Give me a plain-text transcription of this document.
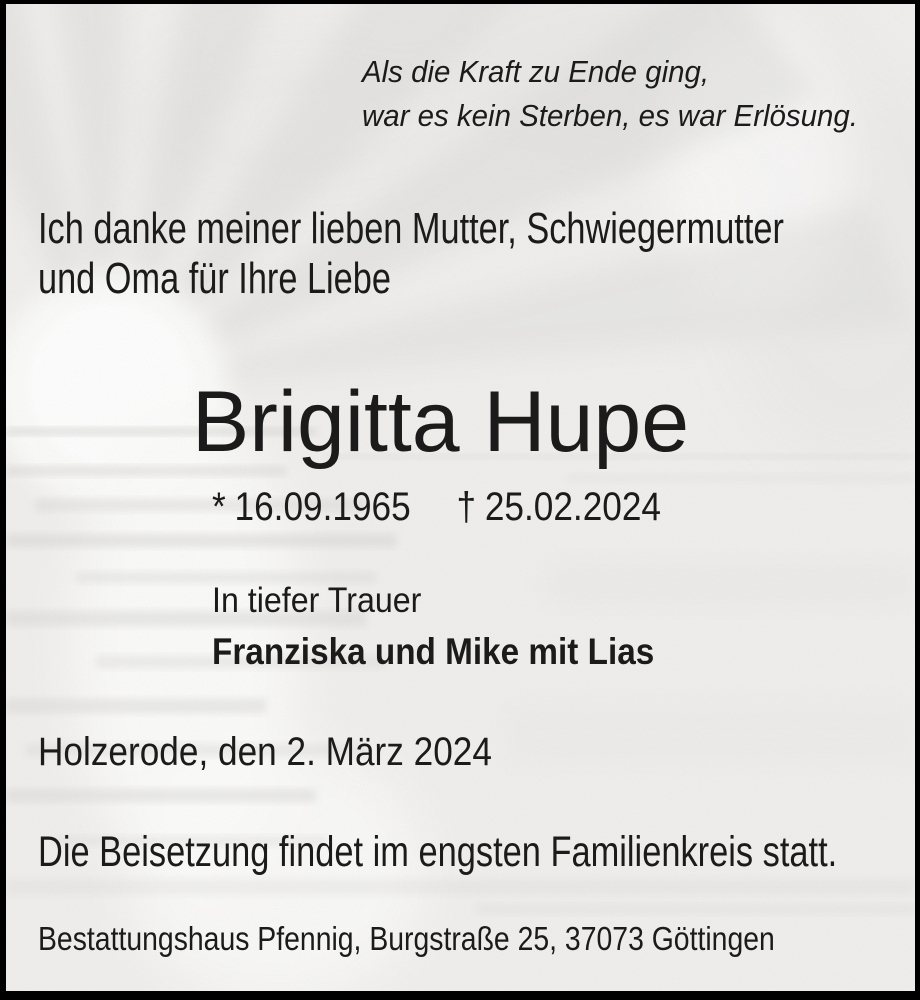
Als die Kraft zu Ende ging,
war es kein Sterben, es war Erlösung.
Ich danke meiner lieben Mutter, Schwiegermutter
und Oma für Ihre Liebe
Brigitta Hupe
* 16.09.1965 † 25.02.2024
In tiefer Trauer
Franziska und Mike mit Lias
Holzerode, den 2. März 2024
Die Beisetzung findet im engsten Familienkreis statt.
Bestattungshaus Pfennig, Burgstraße 25, 37073 Göttingen
